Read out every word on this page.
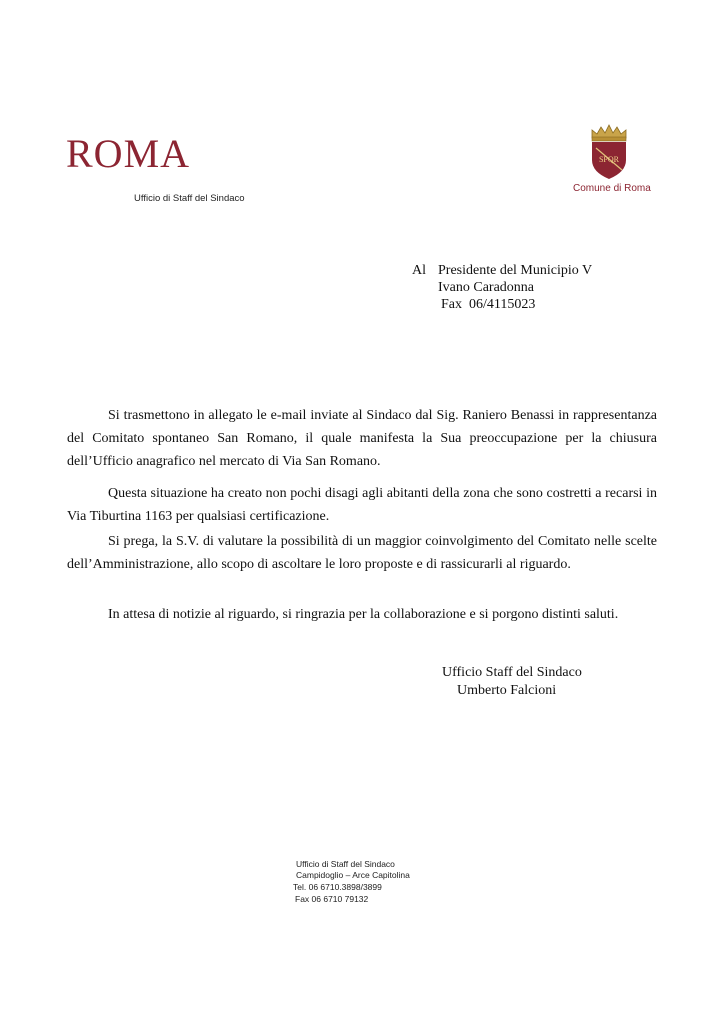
ROMA
Ufficio di Staff del Sindaco
SPQR
Comune di Roma
Al Presidente del Municipio V
Ivano Caradonna
Fax  06/4115023

Si trasmettono in allegato le e-mail inviate al Sindaco dal Sig. Raniero Benassi in rappresentanza del Comitato spontaneo San Romano, il quale manifesta la Sua preoccupazione per la chiusura dell’Ufficio anagrafico nel mercato di Via San Romano.

Questa situazione ha creato non pochi disagi agli abitanti della zona che sono costretti a recarsi in Via Tiburtina 1163 per qualsiasi certificazione.

Si prega, la S.V. di valutare la possibilità di un maggior coinvolgimento del Comitato nelle scelte dell’Amministrazione, allo scopo di ascoltare le loro proposte e di rassicurarli al riguardo.

In attesa di notizie al riguardo, si ringrazia per la collaborazione e si porgono distinti saluti.

Ufficio Staff del Sindaco
Umberto Falcioni
Ufficio di Staff del Sindaco
Campidoglio – Arce Capitolina
Tel. 06 6710.3898/3899
Fax 06 6710 79132
